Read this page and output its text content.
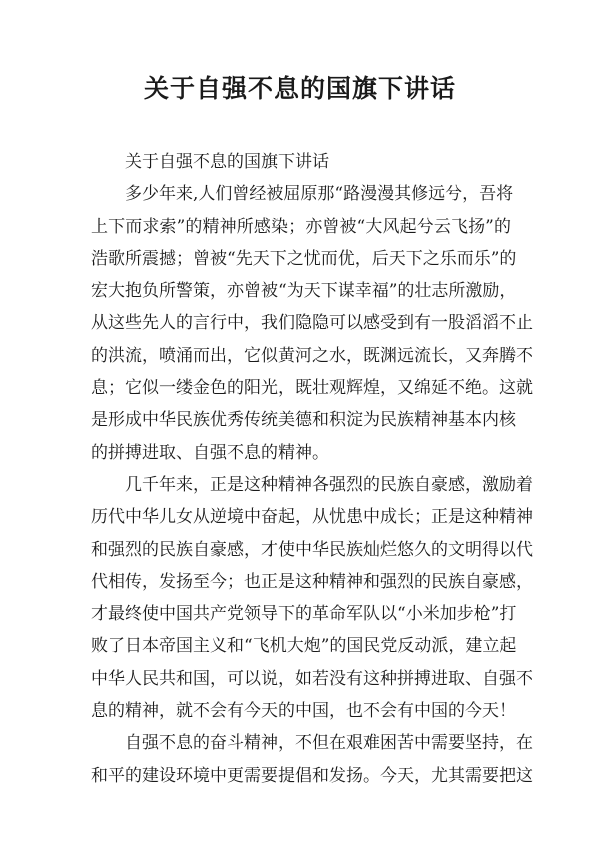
关于自强不息的国旗下讲话
关于自强不息的国旗下讲话
多少年来,人们曾经被屈原那“路漫漫其修远兮，吾将
上下而求索”的精神所感染；亦曾被“大风起兮云飞扬”的
浩歌所震撼；曾被“先天下之忧而优，后天下之乐而乐”的
宏大抱负所警策，亦曾被“为天下谋幸福”的壮志所激励，
从这些先人的言行中，我们隐隐可以感受到有一股滔滔不止
的洪流，喷涌而出，它似黄河之水，既渊远流长，又奔腾不
息；它似一缕金色的阳光，既壮观辉煌，又绵延不绝。这就
是形成中华民族优秀传统美德和积淀为民族精神基本内核
的拼搏进取、自强不息的精神。
几千年来，正是这种精神各强烈的民族自豪感，激励着
历代中华儿女从逆境中奋起，从忧患中成长；正是这种精神
和强烈的民族自豪感，才使中华民族灿烂悠久的文明得以代
代相传，发扬至今；也正是这种精神和强烈的民族自豪感，
才最终使中国共产党领导下的革命军队以“小米加步枪”打
败了日本帝国主义和“飞机大炮”的国民党反动派，建立起
中华人民共和国，可以说，如若没有这种拼搏进取、自强不
息的精神，就不会有今天的中国，也不会有中国的今天！
自强不息的奋斗精神，不但在艰难困苦中需要坚持，在
和平的建设环境中更需要提倡和发扬。今天，尤其需要把这
